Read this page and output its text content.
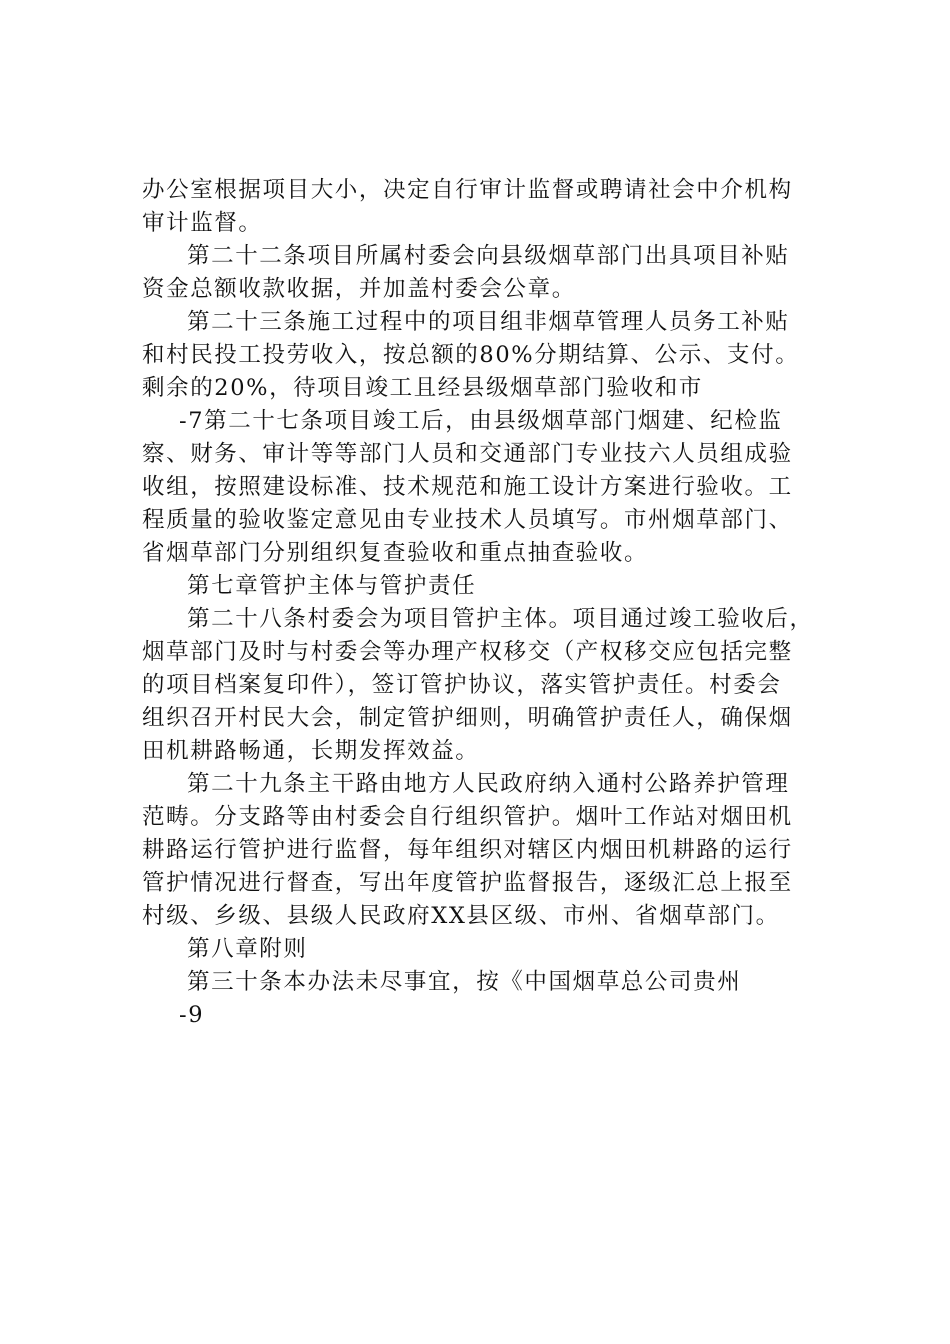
办公室根据项目大小，决定自行审计监督或聘请社会中介机构
审计监督。

第二十二条项目所属村委会向县级烟草部门出具项目补贴
资金总额收款收据，并加盖村委会公章。

第二十三条施工过程中的项目组非烟草管理人员务工补贴
和村民投工投劳收入，按总额的80%分期结算、公示、支付。
剩余的20%，待项目竣工且经县级烟草部门验收和市

-7第二十七条项目竣工后，由县级烟草部门烟建、纪检监
察、财务、审计等等部门人员和交通部门专业技六人员组成验
收组，按照建设标准、技术规范和施工设计方案进行验收。工
程质量的验收鉴定意见由专业技术人员填写。市州烟草部门、
省烟草部门分别组织复查验收和重点抽查验收。

第七章管护主体与管护责任

第二十八条村委会为项目管护主体。项目通过竣工验收后，
烟草部门及时与村委会等办理产权移交（产权移交应包括完整
的项目档案复印件），签订管护协议，落实管护责任。村委会
组织召开村民大会，制定管护细则，明确管护责任人，确保烟
田机耕路畅通，长期发挥效益。

第二十九条主干路由地方人民政府纳入通村公路养护管理
范畴。分支路等由村委会自行组织管护。烟叶工作站对烟田机
耕路运行管护进行监督，每年组织对辖区内烟田机耕路的运行
管护情况进行督查，写出年度管护监督报告，逐级汇总上报至
村级、乡级、县级人民政府XX县区级、市州、省烟草部门。

第八章附则

第三十条本办法未尽事宜，按《中国烟草总公司贵州

-9
